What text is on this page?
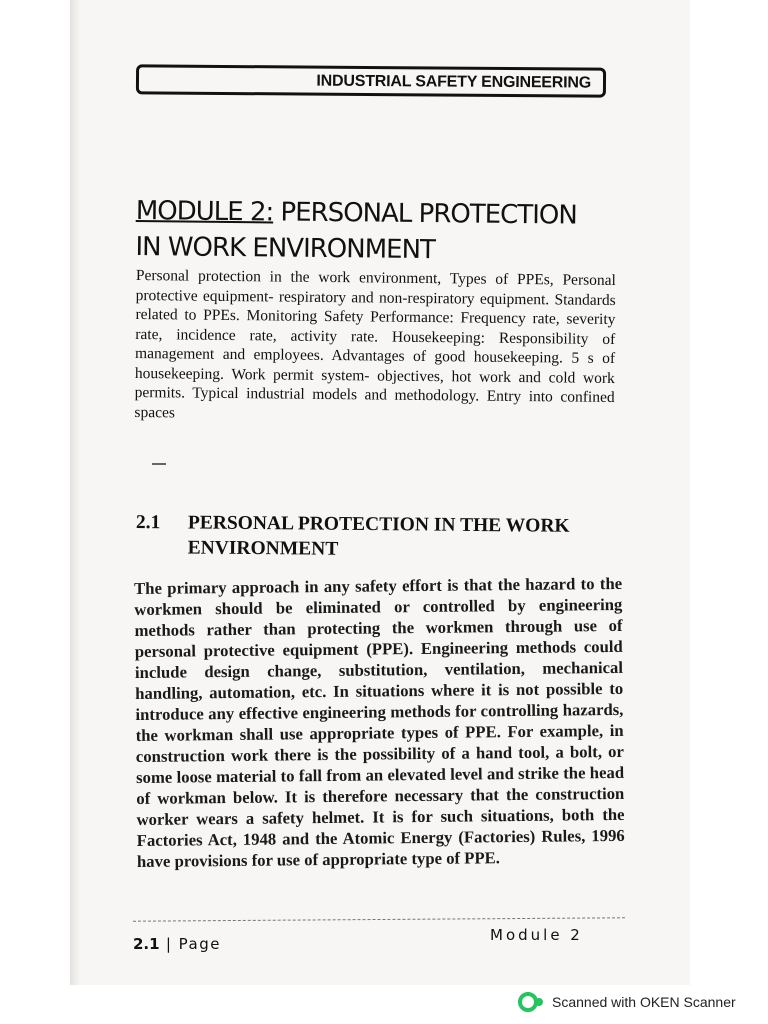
INDUSTRIAL SAFETY ENGINEERING
MODULE 2: PERSONAL PROTECTION
IN WORK ENVIRONMENT
Personal protection in the work environment, Types of PPEs, Personal protective equipment- respiratory and non-respiratory equipment. Standards related to PPEs. Monitoring Safety Performance: Frequency rate, severity rate, incidence rate, activity rate. Housekeeping: Responsibility of management and employees. Advantages of good housekeeping. 5 s of housekeeping. Work permit system- objectives, hot work and cold work permits. Typical industrial models and methodology. Entry into confined spaces
2.1 PERSONAL PROTECTION IN THE WORK
ENVIRONMENT
The primary approach in any safety effort is that the hazard to the workmen should be eliminated or controlled by engineering methods rather than protecting the workmen through use of personal protective equipment (PPE). Engineering methods could include design change, substitution, ventilation, mechanical handling, automation, etc. In situations where it is not possible to introduce any effective engineering methods for controlling hazards, the workman shall use appropriate types of PPE. For example, in construction work there is the possibility of a hand tool, a bolt, or some loose material to fall from an elevated level and strike the head of workman below. It is therefore necessary that the construction worker wears a safety helmet. It is for such situations, both the Factories Act, 1948 and the Atomic Energy (Factories) Rules, 1996 have provisions for use of appropriate type of PPE.
2.1 | Page	Module 2
Scanned with OKEN Scanner
